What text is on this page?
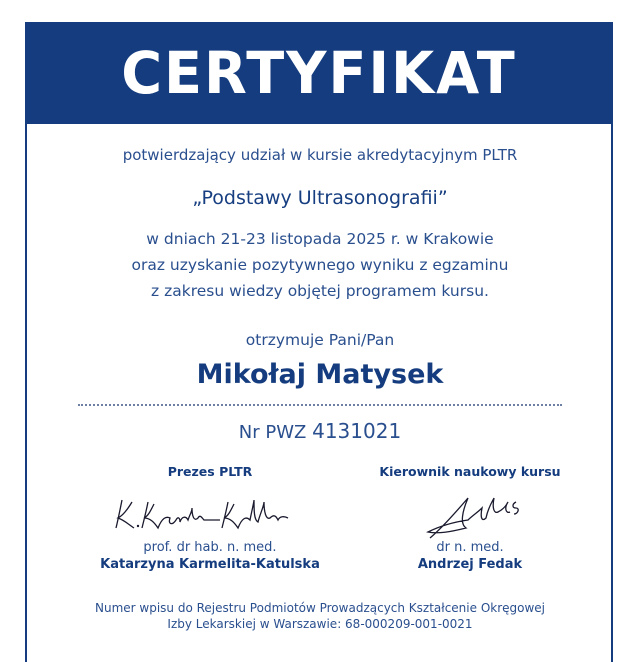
CERTYFIKAT
potwierdzający udział w kursie akredytacyjnym PLTR
„Podstawy Ultrasonografii”
w dniach 21-23 listopada 2025 r. w Krakowie
oraz uzyskanie pozytywnego wyniku z egzaminu
z zakresu wiedzy objętej programem kursu.
otrzymuje Pani/Pan
Mikołaj Matysek
Nr PWZ 4131021
Prezes PLTR
prof. dr hab. n. med.
Katarzyna Karmelita-Katulska
Kierownik naukowy kursu
dr n. med.
Andrzej Fedak
Numer wpisu do Rejestru Podmiotów Prowadzących Kształcenie Okręgowej
Izby Lekarskiej w Warszawie: 68-000209-001-0021
